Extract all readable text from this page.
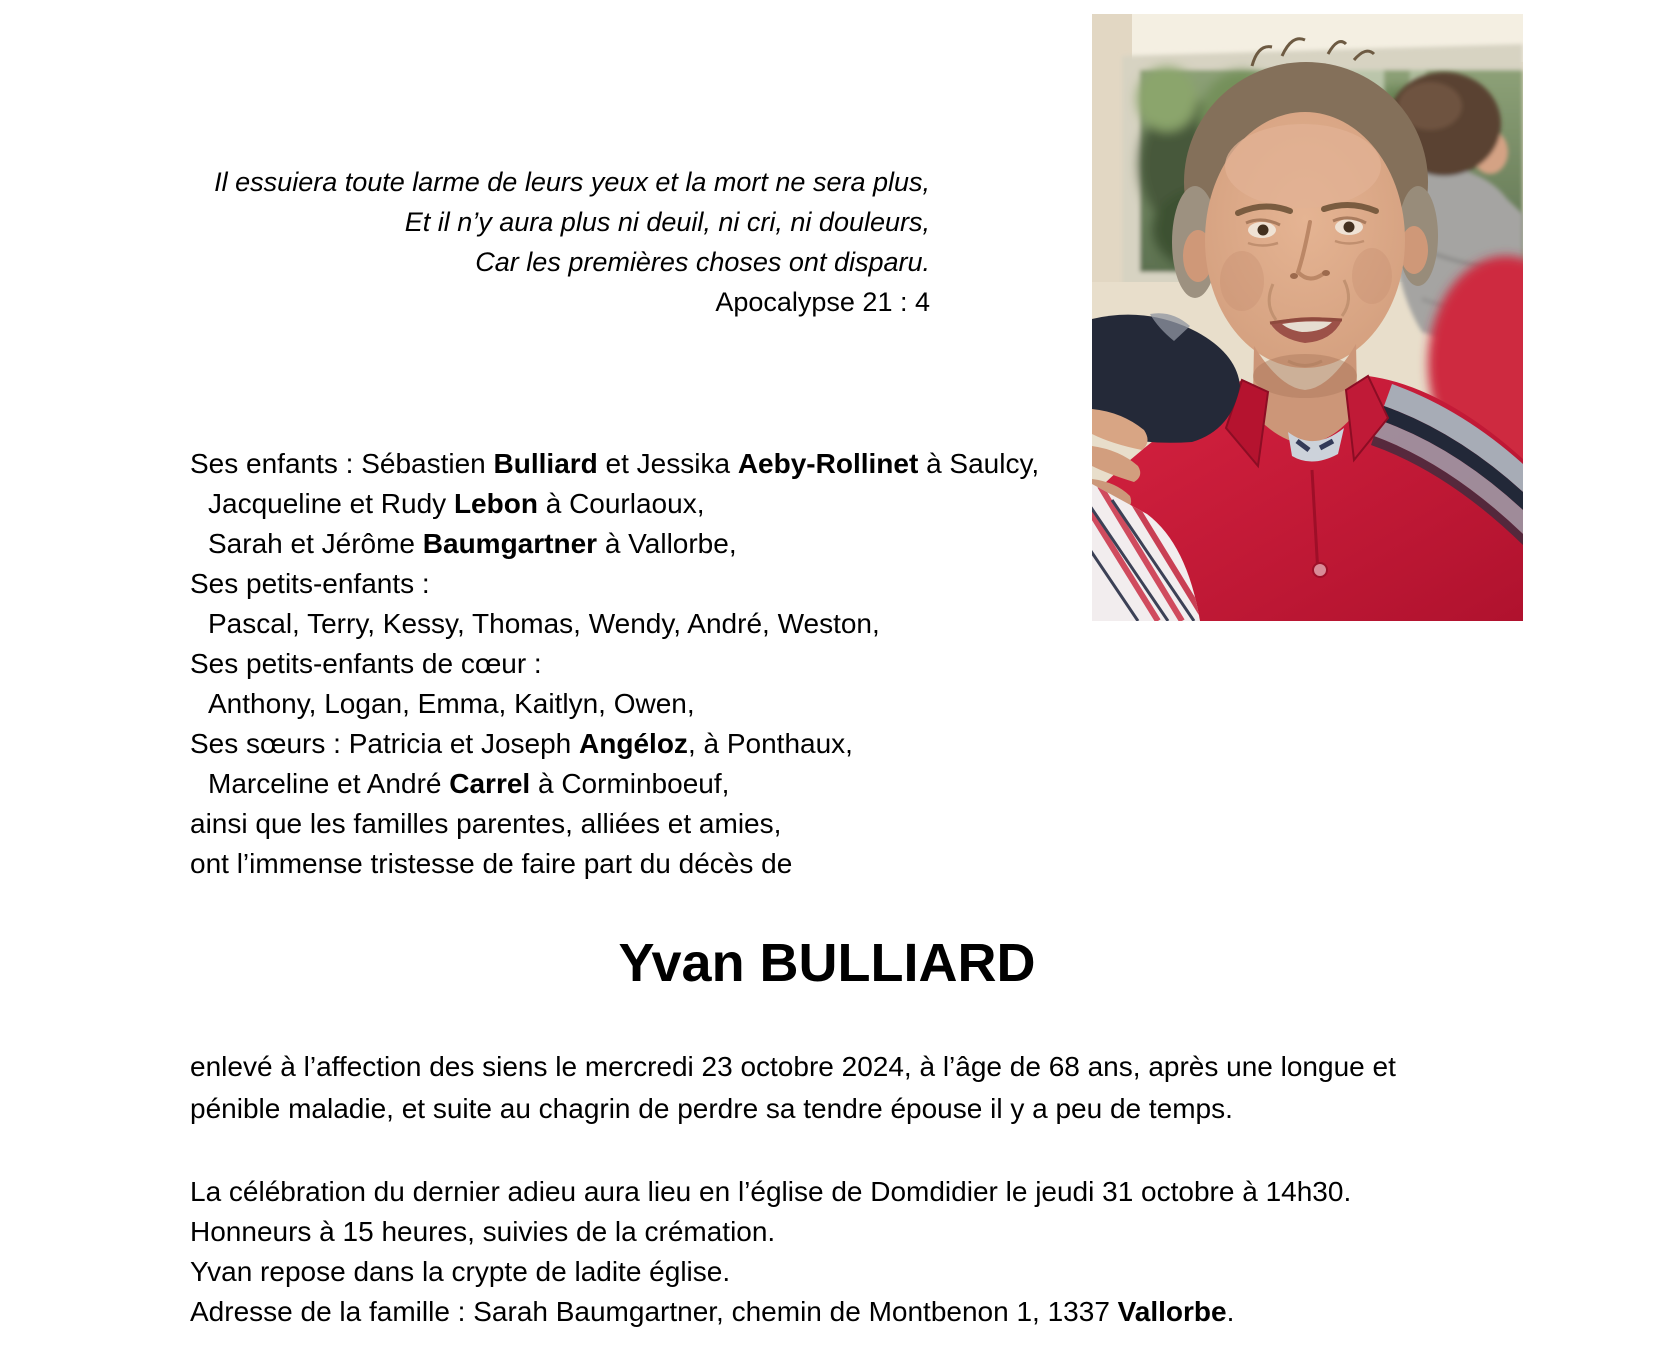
Il essuiera toute larme de leurs yeux et la mort ne sera plus,
Et il n’y aura plus ni deuil, ni cri, ni douleurs,
Car les premières choses ont disparu.
Apocalypse 21 : 4
Ses enfants : Sébastien Bulliard et Jessika Aeby-Rollinet à Saulcy,
Jacqueline et Rudy Lebon à Courlaoux,
Sarah et Jérôme Baumgartner à Vallorbe,
Ses petits-enfants :
Pascal, Terry, Kessy, Thomas, Wendy, André, Weston,
Ses petits-enfants de cœur :
Anthony, Logan, Emma, Kaitlyn, Owen,
Ses sœurs : Patricia et Joseph Angéloz, à Ponthaux,
Marceline et André Carrel à Corminboeuf,
ainsi que les familles parentes, alliées et amies,
ont l’immense tristesse de faire part du décès de
Yvan BULLIARD
enlevé à l’affection des siens le mercredi 23 octobre 2024, à l’âge de 68 ans, après une longue et
pénible maladie, et suite au chagrin de perdre sa tendre épouse il y a peu de temps.
La célébration du dernier adieu aura lieu en l’église de Domdidier le jeudi 31 octobre à 14h30.
Honneurs à 15 heures, suivies de la crémation.
Yvan repose dans la crypte de ladite église.
Adresse de la famille : Sarah Baumgartner, chemin de Montbenon 1, 1337 Vallorbe.
